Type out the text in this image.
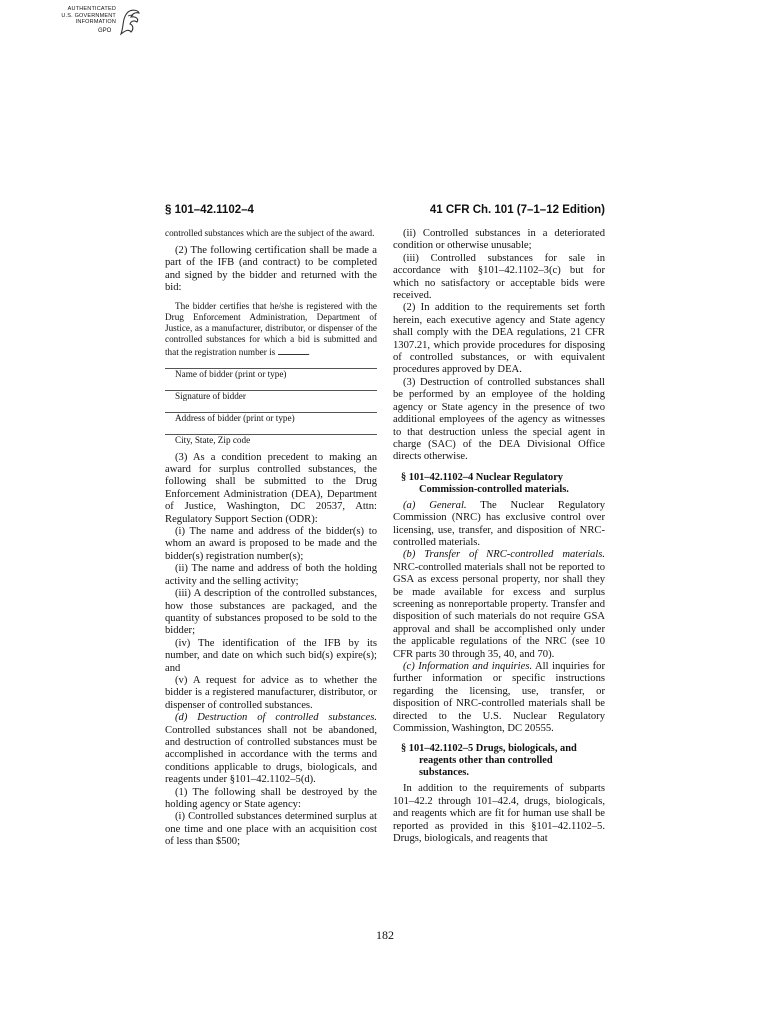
AUTHENTICATED
U.S. GOVERNMENT
INFORMATION
GPO
§ 101–42.1102–4	41 CFR Ch. 101 (7–1–12 Edition)

controlled substances which are the subject of the award.

(2) The following certification shall be made a part of the IFB (and contract) to be completed and signed by the bidder and returned with the bid:

The bidder certifies that he/she is registered with the Drug Enforcement Administration, Department of Justice, as a manufacturer, distributor, or dispenser of the controlled substances for which a bid is submitted and that the registration number is	.

Name of bidder (print or type)

Signature of bidder

Address of bidder (print or type)

City, State, Zip code

(3) As a condition precedent to making an award for surplus controlled substances, the following shall be submitted to the Drug Enforcement Administration (DEA), Department of Justice, Washington, DC 20537, Attn: Regulatory Support Section (ODR):

(i) The name and address of the bidder(s) to whom an award is proposed to be made and the bidder(s) registration number(s);

(ii) The name and address of both the holding activity and the selling activity;

(iii) A description of the controlled substances, how those substances are packaged, and the quantity of substances proposed to be sold to the bidder;

(iv) The identification of the IFB by its number, and date on which such bid(s) expire(s); and

(v) A request for advice as to whether the bidder is a registered manufacturer, distributor, or dispenser of controlled substances.

(d) Destruction of controlled substances. Controlled substances shall not be abandoned, and destruction of controlled substances must be accomplished in accordance with the terms and conditions applicable to drugs, biologicals, and reagents under §101–42.1102–5(d).

(1) The following shall be destroyed by the holding agency or State agency:

(i) Controlled substances determined surplus at one time and one place with an acquisition cost of less than $500;

(ii) Controlled substances in a deteriorated condition or otherwise unusable;

(iii) Controlled substances for sale in accordance with §101–42.1102–3(c) but for which no satisfactory or acceptable bids were received.

(2) In addition to the requirements set forth herein, each executive agency and State agency shall comply with the DEA regulations, 21 CFR 1307.21, which provide procedures for disposing of controlled substances, or with equivalent procedures approved by DEA.

(3) Destruction of controlled substances shall be performed by an employee of the holding agency or State agency in the presence of two additional employees of the agency as witnesses to that destruction unless the special agent in charge (SAC) of the DEA Divisional Office directs otherwise.

§ 101–42.1102–4 Nuclear Regulatory Commission-controlled materials.

(a) General. The Nuclear Regulatory Commission (NRC) has exclusive control over licensing, use, transfer, and disposition of NRC-controlled materials.

(b) Transfer of NRC-controlled materials. NRC-controlled materials shall not be reported to GSA as excess personal property, nor shall they be made available for excess and surplus screening as nonreportable property. Transfer and disposition of such materials do not require GSA approval and shall be accomplished only under the applicable regulations of the NRC (see 10 CFR parts 30 through 35, 40, and 70).

(c) Information and inquiries. All inquiries for further information or specific instructions regarding the licensing, use, transfer, or disposition of NRC-controlled materials shall be directed to the U.S. Nuclear Regulatory Commission, Washington, DC 20555.

§ 101–42.1102–5 Drugs, biologicals, and reagents other than controlled substances.

In addition to the requirements of subparts 101–42.2 through 101–42.4, drugs, biologicals, and reagents which are fit for human use shall be reported as provided in this §101–42.1102–5. Drugs, biologicals, and reagents that

182
